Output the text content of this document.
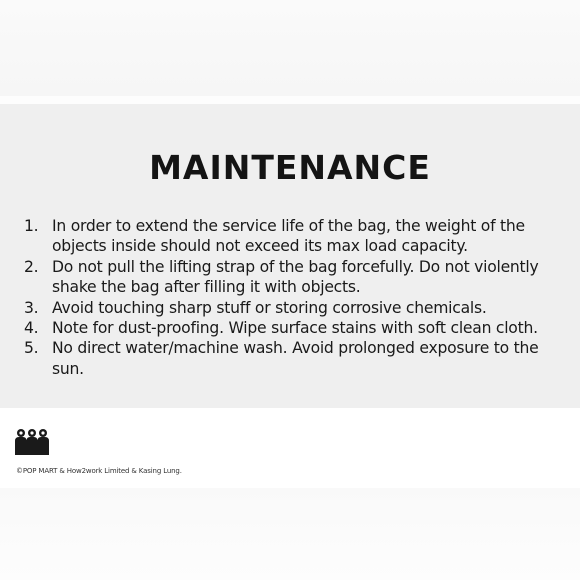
MAINTENANCE
1. In order to extend the service life of the bag, the weight of the objects inside should not exceed its max load capacity.
2. Do not pull the lifting strap of the bag forcefully. Do not violently shake the bag after filling it with objects.
3. Avoid touching sharp stuff or storing corrosive chemicals.
4. Note for dust-proofing. Wipe surface stains with soft clean cloth.
5. No direct water/machine wash. Avoid prolonged exposure to the sun.
©POP MART & How2work Limited & Kasing Lung.
